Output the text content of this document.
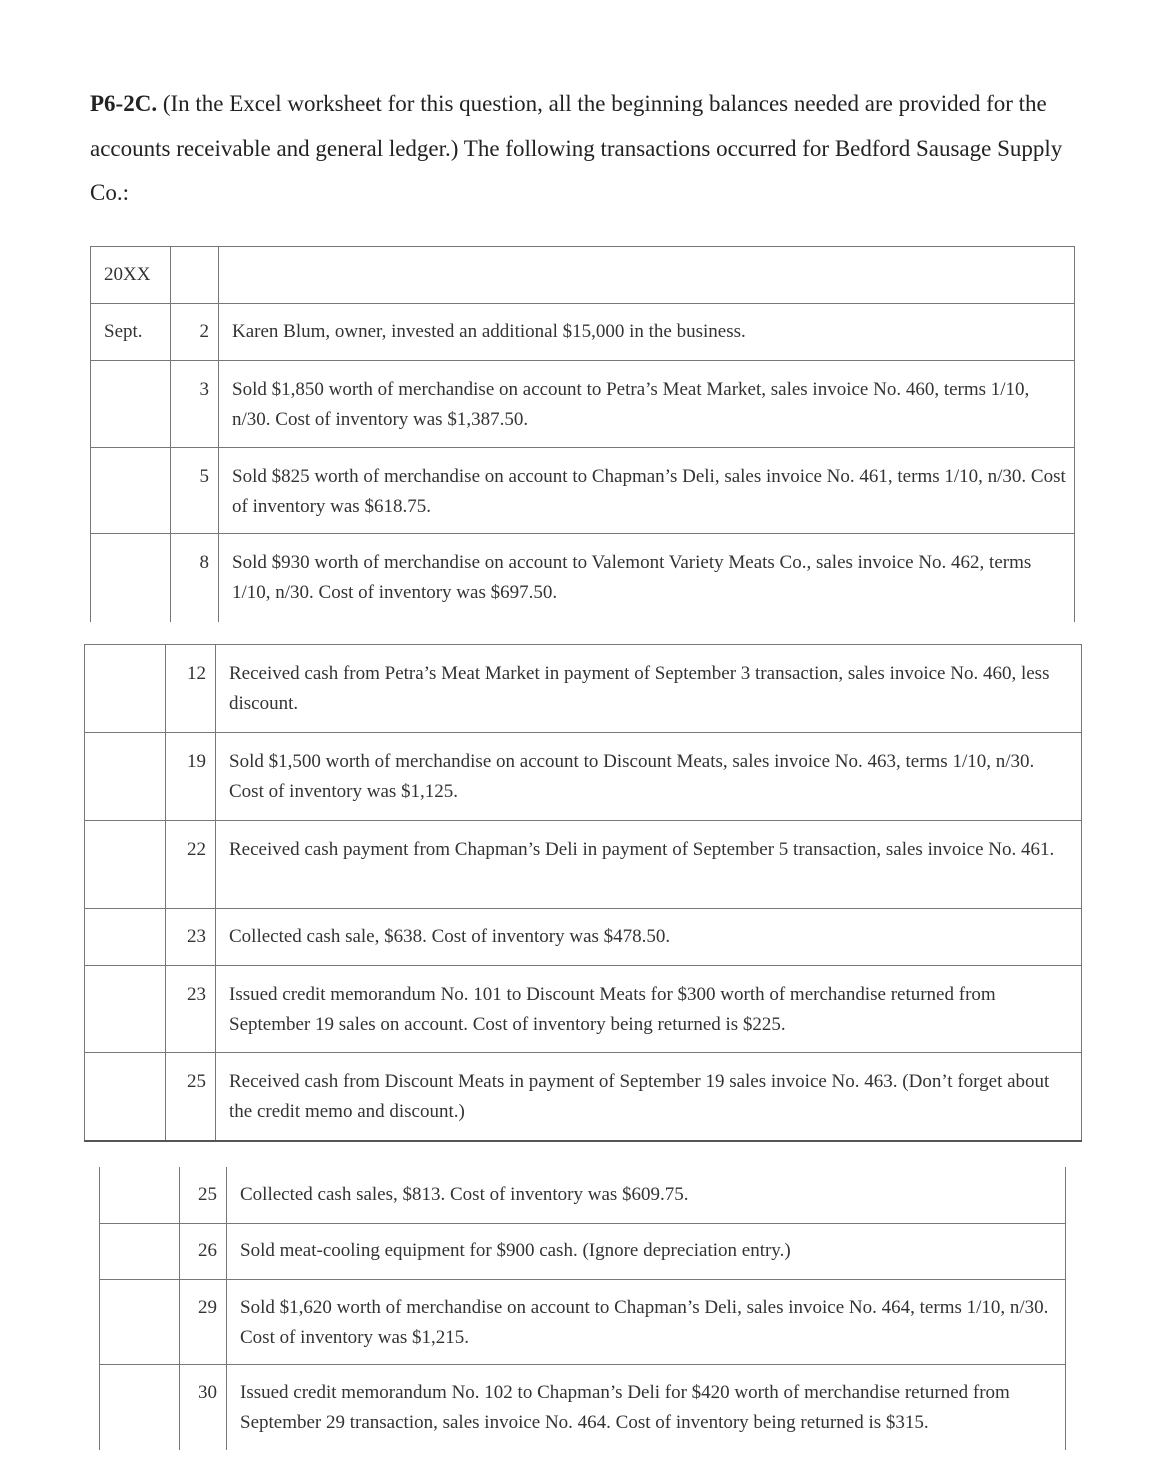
P6-2C. (In the Excel worksheet for this question, all the beginning balances needed are provided for the accounts receivable and general ledger.) The following transactions occurred for Bedford Sausage Supply Co.:

20XX		
Sept.	2	Karen Blum, owner, invested an additional $15,000 in the business.
	3	Sold $1,850 worth of merchandise on account to Petra’s Meat Market, sales invoice No. 460, terms 1/10, n/30. Cost of inventory was $1,387.50.
	5	Sold $825 worth of merchandise on account to Chapman’s Deli, sales invoice No. 461, terms 1/10, n/30. Cost of inventory was $618.75.
	8	Sold $930 worth of merchandise on account to Valemont Variety Meats Co., sales invoice No. 462, terms 1/10, n/30. Cost of inventory was $697.50.
	12	Received cash from Petra’s Meat Market in payment of September 3 transaction, sales invoice No. 460, less discount.
	19	Sold $1,500 worth of merchandise on account to Discount Meats, sales invoice No. 463, terms 1/10, n/30. Cost of inventory was $1,125.
	22	Received cash payment from Chapman’s Deli in payment of September 5 transaction, sales invoice No. 461.
	23	Collected cash sale, $638. Cost of inventory was $478.50.
	23	Issued credit memorandum No. 101 to Discount Meats for $300 worth of merchandise returned from September 19 sales on account. Cost of inventory being returned is $225.
	25	Received cash from Discount Meats in payment of September 19 sales invoice No. 463. (Don’t forget about the credit memo and discount.)
	25	Collected cash sales, $813. Cost of inventory was $609.75.
	26	Sold meat-cooling equipment for $900 cash. (Ignore depreciation entry.)
	29	Sold $1,620 worth of merchandise on account to Chapman’s Deli, sales invoice No. 464, terms 1/10, n/30. Cost of inventory was $1,215.
	30	Issued credit memorandum No. 102 to Chapman’s Deli for $420 worth of merchandise returned from September 29 transaction, sales invoice No. 464. Cost of inventory being returned is $315.
